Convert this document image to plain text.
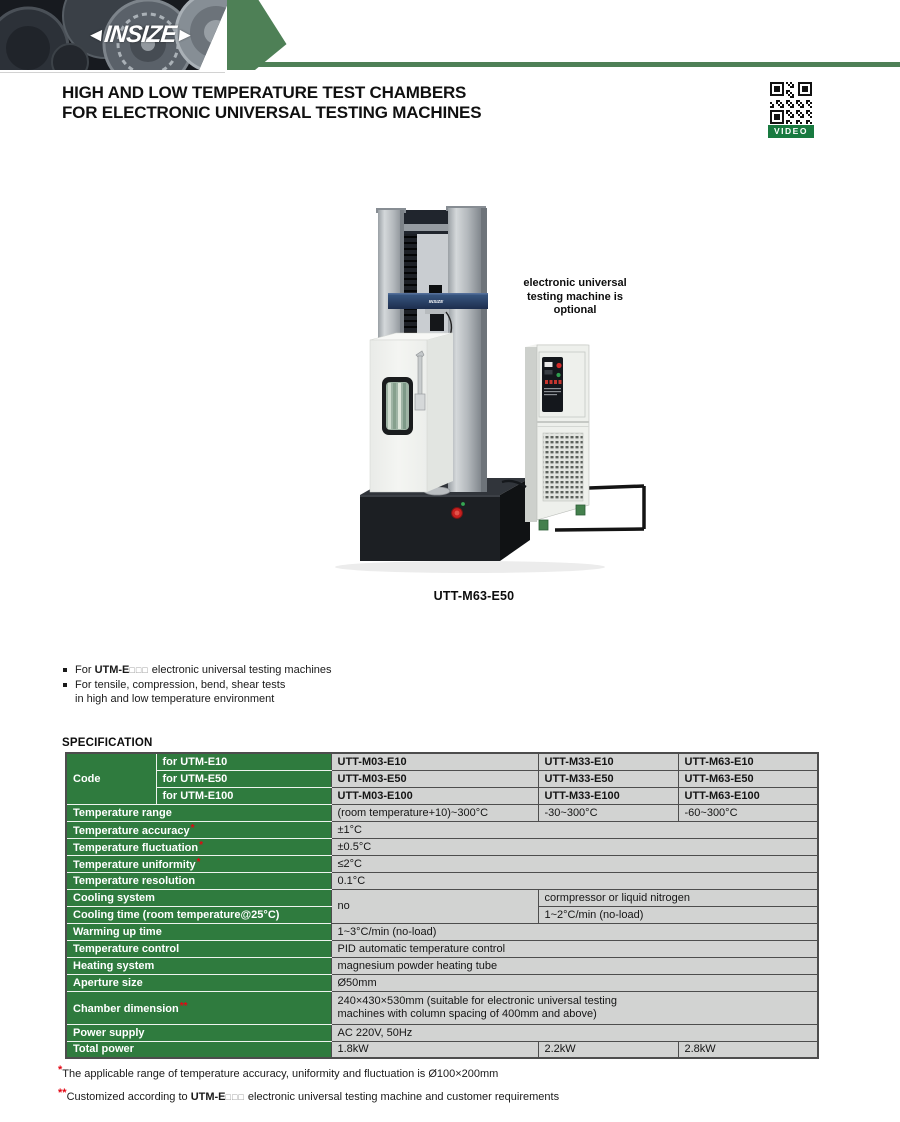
◄INSIZE►
HIGH AND LOW TEMPERATURE TEST CHAMBERS
FOR ELECTRONIC UNIVERSAL TESTING MACHINES
VIDEO
INSIZE
electronic universal
testing machine is
optional
UTT-M63-E50
For UTM-E□□□ electronic universal testing machines
For tensile, compression, bend, shear tests
in high and low temperature environment
SPECIFICATION
Code	for UTM-E10	UTT-M03-E10	UTT-M33-E10	UTT-M63-E10
	for UTM-E50	UTT-M03-E50	UTT-M33-E50	UTT-M63-E50
	for UTM-E100	UTT-M03-E100	UTT-M33-E100	UTT-M63-E100
Temperature range		(room temperature+10)~300°C	-30~300°C	-60~300°C
Temperature accuracy*		±1°C		
Temperature fluctuation*		±0.5°C		
Temperature uniformity*		≤2°C		
Temperature resolution		0.1°C		
Cooling system		no	cormpressor or liquid nitrogen	
Cooling time (room temperature@25°C)			1~2°C/min (no-load)	
Warming up time		1~3°C/min (no-load)		
Temperature control		PID automatic temperature control		
Heating system		magnesium powder heating tube		
Aperture size		Ø50mm		
Chamber dimension**		240×430×530mm (suitable for electronic universal testing
machines with column spacing of 400mm and above)		

Power supply		AC 220V, 50Hz		
Total power		1.8kW	2.2kW	2.8kW
*The applicable range of temperature accuracy, uniformity and fluctuation is Ø100×200mm
**Customized according to UTM-E□□□ electronic universal testing machine and customer requirements
